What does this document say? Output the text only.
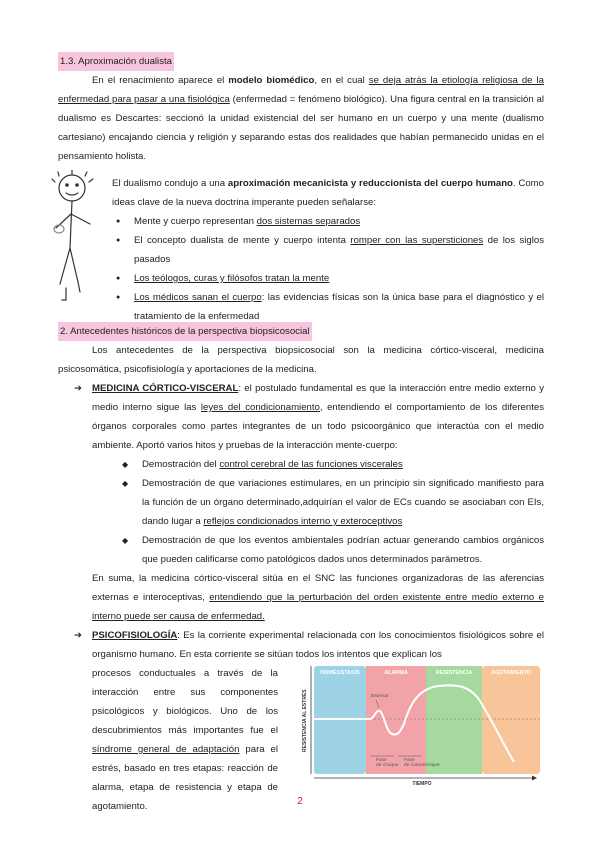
1.3. Aproximación dualista
En el renacimiento aparece el modelo biomédico, en el cual se deja atrás la etiología religiosa de la enfermedad para pasar a una fisiológica (enfermedad = fenómeno biológico). Una figura central en la transición al dualismo es Descartes: seccionó la unidad existencial del ser humano en un cuerpo y una mente (dualismo cartesiano) encajando ciencia y religión y separando estas dos realidades que habían permanecido unidas en el pensamiento holista.
El dualismo condujo a una aproximación mecanicista y reduccionista del cuerpo humano. Como ideas clave de la nueva doctrina imperante pueden señalarse:
● Mente y cuerpo representan dos sistemas separados
● El concepto dualista de mente y cuerpo intenta romper con las supersticiones de los siglos pasados
● Los teólogos, curas y filósofos tratan la mente
● Los médicos sanan el cuerpo: las evidencias físicas son la única base para el diagnóstico y el tratamiento de la enfermedad
2. Antecedentes históricos de la perspectiva biopsicosocial
Los antecedentes de la perspectiva biopsicosocial son la medicina córtico-visceral, medicina psicosomática, psicofisiología y aportaciones de la medicina.
➔ MEDICINA CÓRTICO-VISCERAL: el postulado fundamental es que la interacción entre medio externo y medio interno sigue las leyes del condicionamiento, entendiendo el comportamiento de los diferentes órganos corporales como partes integrantes de un todo psicoorgánico que interactúa con el medio ambiente. Aportó varios hitos y pruebas de la interacción mente-cuerpo:
◆ Demostración del control cerebral de las funciones viscerales
◆ Demostración de que variaciones estimulares, en un principio sin significado manifiesto para la función de un órgano determinado,adquirían el valor de ECs cuando se asociaban con EIs, dando lugar a reflejos condicionados interno y exteroceptivos
◆ Demostración de que los eventos ambientales podrían actuar generando cambios orgánicos que pueden calificarse como patológicos dados unos determinados parámetros.
En suma, la medicina córtico-visceral sitúa en el SNC las funciones organizadoras de las aferencias externas e interoceptivas, entendiendo que la perturbación del orden existente entre medio externo e interno puede ser causa de enfermedad.
➔ PSICOFISIOLOGÍA: Es la corriente experimental relacionada con los conocimientos fisiológicos sobre el organismo humano. En esta corriente se sitúan todos los intentos que explican los
procesos conductuales a través de la interacción entre sus componentes psicológicos y biológicos. Uno de los descubrimientos más importantes fue el síndrome general de adaptación para el estrés, basado en tres etapas: reacción de alarma, etapa de resistencia y etapa de agotamiento.
HOMEOSTASIS	ALARMA	RESISTENCIA	AGOTAMIENTO
Estresor
Fase
de choque
Fase
de contrachoque
RESISTENCIA AL ESTRÉS
TIEMPO
2
